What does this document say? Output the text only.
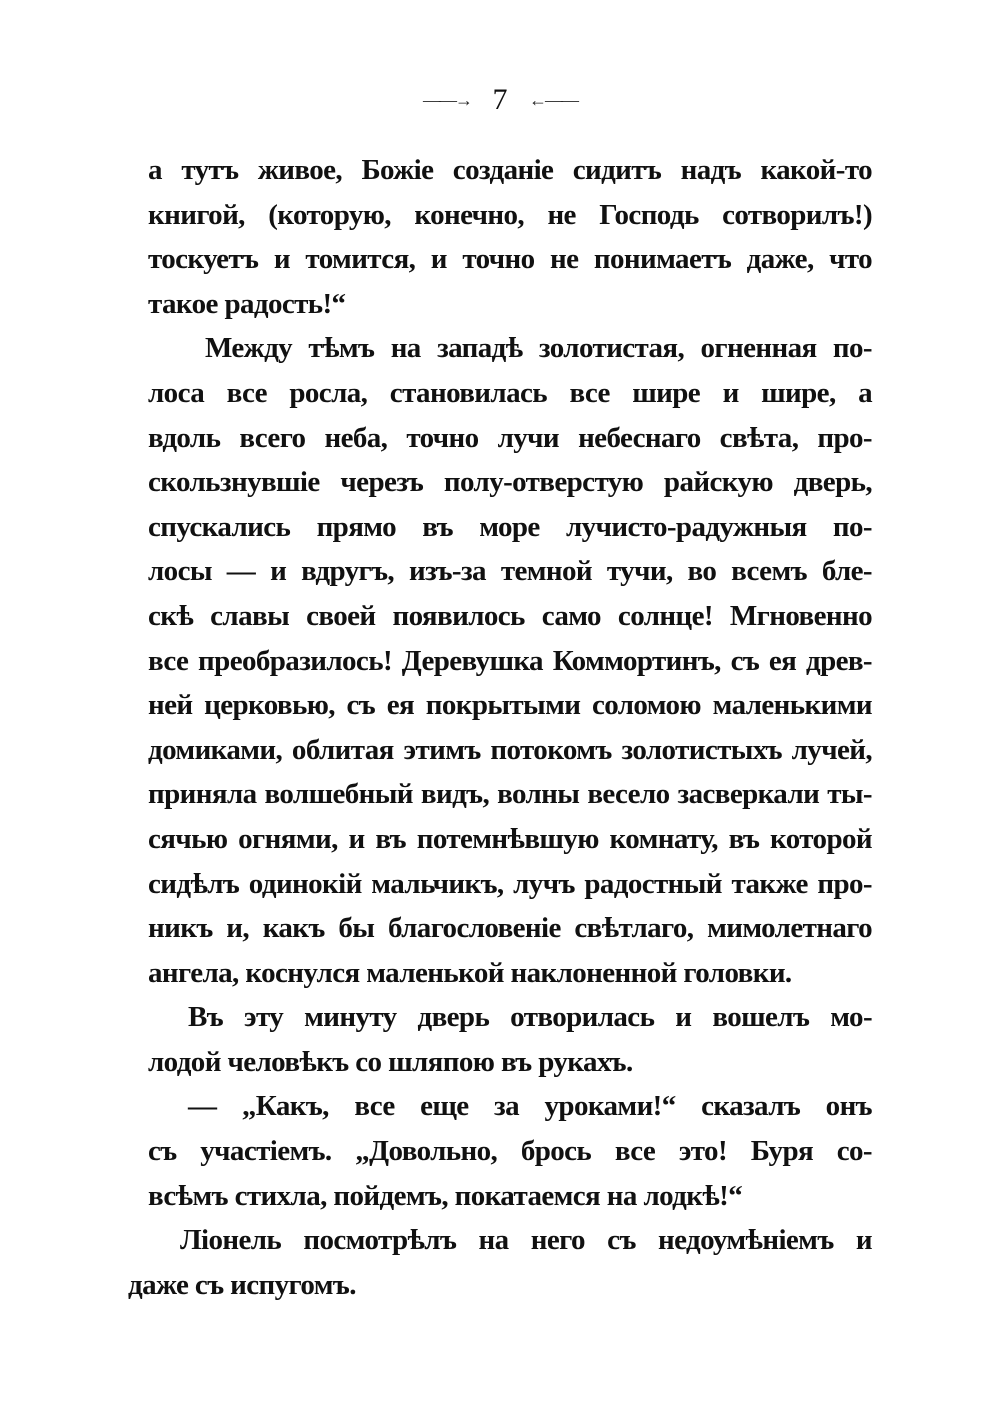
——→ 7 ←——
а тутъ живое, Божіе созданіе сидитъ надъ какой-то
книгой, (которую, конечно, не Господь сотворилъ!)
тоскуетъ и томится, и точно не понимаетъ даже, что
такое радость!“
Между тѣмъ на западѣ золотистая, огненная по-
лоса все росла, становилась все шире и шире, а
вдоль всего неба, точно лучи небеснаго свѣта, про-
скользнувшіе черезъ полу-отверстую райскую дверь,
спускались прямо въ море лучисто-радужныя по-
лосы — и вдругъ, изъ-за темной тучи, во всемъ бле-
скѣ славы своей появилось само солнце! Мгновенно
все преобразилось! Деревушка Коммортинъ, съ ея древ-
ней церковью, съ ея покрытыми соломою маленькими
домиками, облитая этимъ потокомъ золотистыхъ лучей,
приняла волшебный видъ, волны весело засверкали ты-
сячью огнями, и въ потемнѣвшую комнату, въ которой
сидѣлъ одинокій мальчикъ, лучъ радостный также про-
никъ и, какъ бы благословеніе свѣтлаго, мимолетнаго
ангела, коснулся маленькой наклоненной головки.
Въ эту минуту дверь отворилась и вошелъ мо-
лодой человѣкъ со шляпою въ рукахъ.
— „Какъ, все еще за уроками!“ сказалъ онъ
съ участіемъ. „Довольно, брось все это! Буря со-
всѣмъ стихла, пойдемъ, покатаемся на лодкѣ!“
Ліонель посмотрѣлъ на него съ недоумѣніемъ и
даже съ испугомъ.
